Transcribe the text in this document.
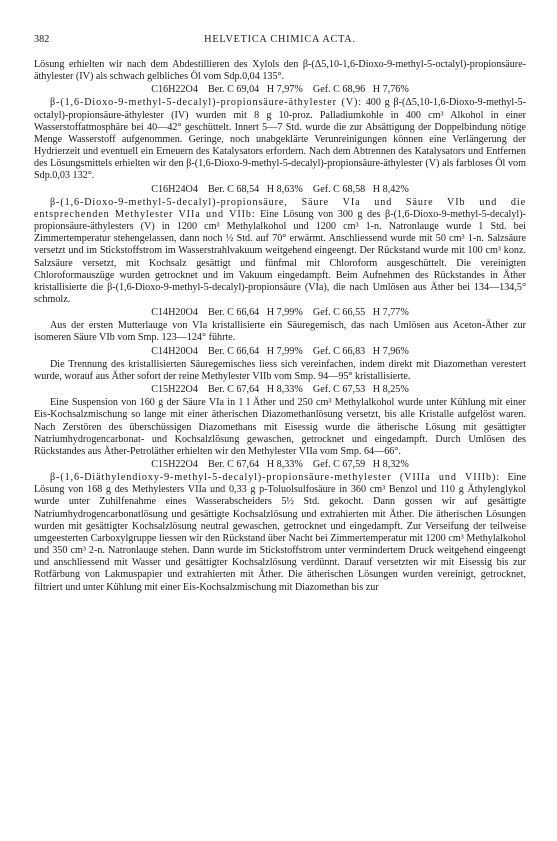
382	HELVETICA CHIMICA ACTA.

Lösung erhielten wir nach dem Abdestillieren des Xylols den β-(Δ5,10-1,6-Dioxo-9-methyl-5-octalyl)-propionsäure-äthylester (IV) als schwach gelbliches Öl vom Sdp.0,04 135°.

C16H22O4    Ber. C 69,04   H 7,97%    Gef. C 68,96   H 7,76%

β-(1,6-Dioxo-9-methyl-5-decalyl)-propionsäure-äthylester (V): 400 g β-(Δ5,10-1,6-Dioxo-9-methyl-5-octalyl)-propionsäure-äthylester (IV) wurden mit 8 g 10-proz. Palladiumkohle in 400 cm³ Alkohol in einer Wasserstoffatmosphäre bei 40—42° geschüttelt. Innert 5—7 Std. wurde die zur Absättigung der Doppelbindung nötige Menge Wasserstoff aufgenommen. Geringe, noch unabgeklärte Verunreinigungen können eine Verlängerung der Hydrierzeit und eventuell ein Erneuern des Katalysators erfordern. Nach dem Abtrennen des Katalysators und Entfernen des Lösungsmittels erhielten wir den β-(1,6-Dioxo-9-methyl-5-decalyl)-propionsäure-äthylester (V) als farbloses Öl vom Sdp.0,03 132°.

C16H24O4    Ber. C 68,54   H 8,63%    Gef. C 68,58   H 8,42%

β-(1,6-Dioxo-9-methyl-5-decalyl)-propionsäure, Säure VIa und Säure VIb und die entsprechenden Methylester VIIa und VIIb: Eine Lösung von 300 g des β-(1,6-Dioxo-9-methyl-5-decalyl)-propionsäure-äthylesters (V) in 1200 cm³ Methylalkohol und 1200 cm³ 1-n. Natronlauge wurde 1 Std. bei Zimmertemperatur stehengelassen, dann noch ½ Std. auf 70° erwärmt. Anschliessend wurde mit 50 cm³ 1-n. Salzsäure versetzt und im Stickstoffstrom im Wasserstrahlvakuum weitgehend eingeengt. Der Rückstand wurde mit 100 cm³ konz. Salzsäure versetzt, mit Kochsalz gesättigt und fünfmal mit Chloroform ausgeschüttelt. Die vereinigten Chloroformauszüge wurden getrocknet und im Vakuum eingedampft. Beim Aufnehmen des Rückstandes in Äther kristallisierte die β-(1,6-Dioxo-9-methyl-5-decalyl)-propionsäure (VIa), die nach Umlösen aus Äther bei 134—134,5° schmolz.

C14H20O4    Ber. C 66,64   H 7,99%    Gef. C 66,55   H 7,77%

Aus der ersten Mutterlauge von VIa kristallisierte ein Säuregemisch, das nach Umlösen aus Aceton-Äther zur isomeren Säure VIb vom Smp. 123—124° führte.

C14H20O4    Ber. C 66,64   H 7,99%    Gef. C 66,83   H 7,96%

Die Trennung des kristallisierten Säuregemisches liess sich vereinfachen, indem direkt mit Diazomethan verestert wurde, worauf aus Äther sofort der reine Methylester VIIb vom Smp. 94—95° kristallisierte.

C15H22O4    Ber. C 67,64   H 8,33%    Gef. C 67,53   H 8,25%

Eine Suspension von 160 g der Säure VIa in 1 l Äther und 250 cm³ Methylalkohol wurde unter Kühlung mit einer Eis-Kochsalzmischung so lange mit einer ätherischen Diazomethanlösung versetzt, bis alle Kristalle aufgelöst waren. Nach Zerstören des überschüssigen Diazomethans mit Eisessig wurde die ätherische Lösung mit gesättigter Natriumhydrogencarbonat- und Kochsalzlösung gewaschen, getrocknet und eingedampft. Durch Umlösen des Rückstandes aus Äther-Petroläther erhielten wir den Methylester VIIa vom Smp. 64—66°.

C15H22O4    Ber. C 67,64   H 8,33%    Gef. C 67,59   H 8,32%

β-(1,6-Diäthylendioxy-9-methyl-5-decalyl)-propionsäure-methylester (VIIIa und VIIIb): Eine Lösung von 168 g des Methylesters VIIa und 0,33 g p-Toluolsulfosäure in 360 cm³ Benzol und 110 g Äthylenglykol wurde unter Zuhilfenahme eines Wasserabscheiders 5½ Std. gekocht. Dann gossen wir auf gesättigte Natriumhydrogencarbonatlösung und gesättigte Kochsalzlösung und extrahierten mit Äther. Die ätherischen Lösungen wurden mit gesättigter Kochsalzlösung neutral gewaschen, getrocknet und eingedampft. Zur Verseifung der teilweise umgeesterten Carboxylgruppe liessen wir den Rückstand über Nacht bei Zimmertemperatur mit 1200 cm³ Methylalkohol und 350 cm³ 2-n. Natronlauge stehen. Dann wurde im Stickstoffstrom unter vermindertem Druck weitgehend eingeengt und anschliessend mit Wasser und gesättigter Kochsalzlösung verdünnt. Darauf versetzten wir mit Eisessig bis zur Rotfärbung von Lakmuspapier und extrahierten mit Äther. Die ätherischen Lösungen wurden vereinigt, getrocknet, filtriert und unter Kühlung mit einer Eis-Kochsalzmischung mit Diazomethan bis zur
